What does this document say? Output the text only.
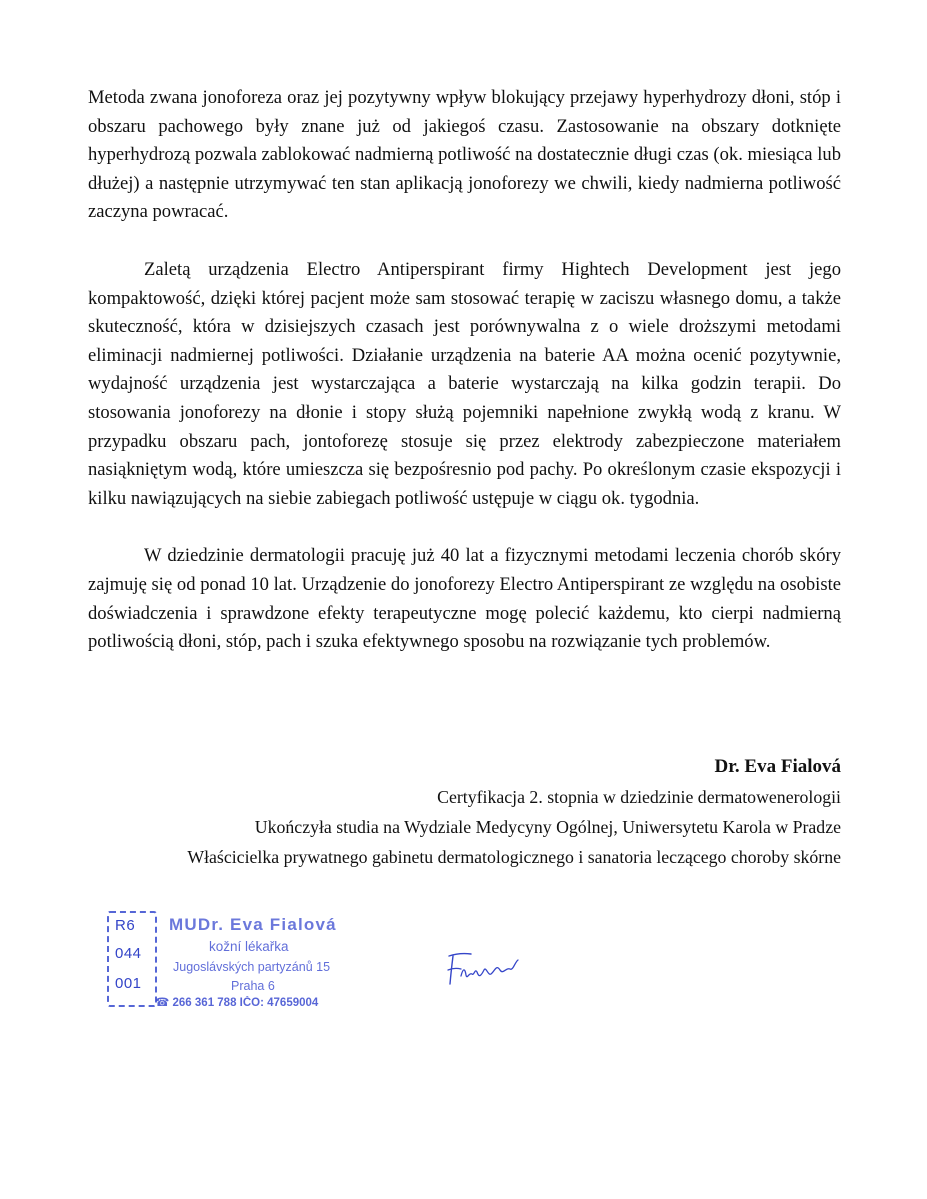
Metoda zwana jonoforeza oraz jej pozytywny wpływ blokujący przejawy hyperhydrozy dłoni, stóp i obszaru pachowego były znane już od jakiegoś czasu. Zastosowanie na obszary dotknięte hyperhydrozą pozwala zablokować nadmierną potliwość na dostatecznie długi czas (ok. miesiąca lub dłużej) a następnie utrzymywać ten stan aplikacją jonoforezy we chwili, kiedy nadmierna potliwość zaczyna powracać.

Zaletą urządzenia Electro Antiperspirant firmy Hightech Development jest jego kompaktowość, dzięki której pacjent może sam stosować terapię w zaciszu własnego domu, a także skuteczność, która w dzisiejszych czasach jest porównywalna z o wiele droższymi metodami eliminacji nadmiernej potliwości. Działanie urządzenia na baterie AA można ocenić pozytywnie, wydajność urządzenia jest wystarczająca a baterie wystarczają na kilka godzin terapii. Do stosowania jonoforezy na dłonie i stopy służą pojemniki napełnione zwykłą wodą z kranu. W przypadku obszaru pach, jontoforezę stosuje się przez elektrody zabezpieczone materiałem nasiąkniętym wodą, które umieszcza się bezpośresnio pod pachy. Po określonym czasie ekspozycji i kilku nawiązujących na siebie zabiegach potliwość ustępuje w ciągu ok. tygodnia.

W dziedzinie dermatologii pracuję już 40 lat a fizycznymi metodami leczenia chorób skóry zajmuję się od ponad 10 lat. Urządzenie do jonoforezy Electro Antiperspirant ze względu na osobiste doświadczenia i sprawdzone efekty terapeutyczne mogę polecić każdemu, kto cierpi nadmierną potliwością dłoni, stóp, pach i szuka efektywnego sposobu na rozwiązanie tych problemów.

Dr. Eva Fialová
Certyfikacja 2. stopnia w dziedzinie dermatowenerologii
Ukończyła studia na Wydziale Medycyny Ogólnej, Uniwersytetu Karola w Pradze
Właścicielka prywatnego gabinetu dermatologicznego i sanatoria leczącego choroby skórne
R6
044
001
MUDr. Eva Fialová
kožní lékařka
Jugoslávských partyzánů 15
Praha 6
☎ 266 361 788 IČO: 47659004
